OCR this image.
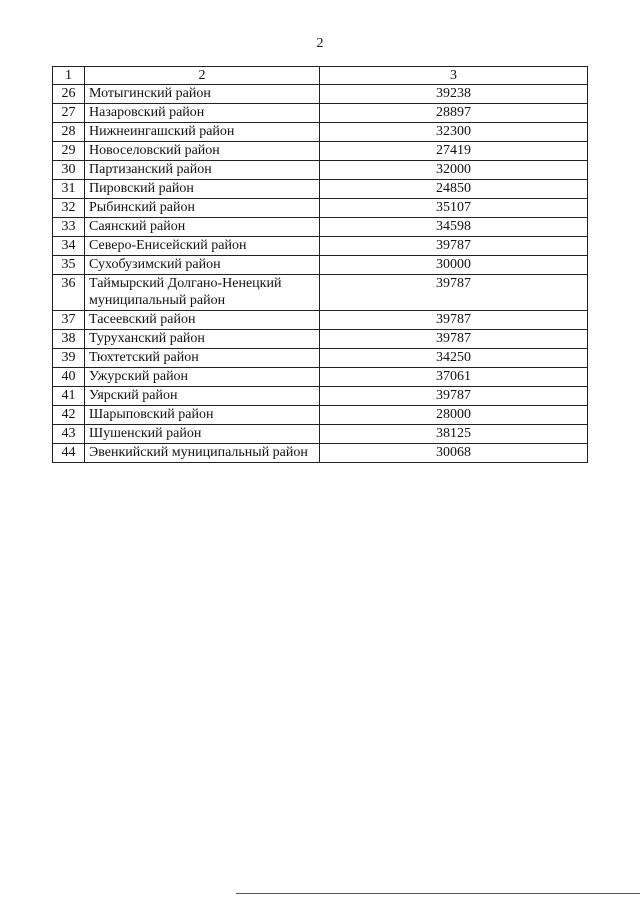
2
1	2	3
26	Мотыгинский район	39238
27	Назаровский район	28897
28	Нижнеингашский район	32300
29	Новоселовский район	27419
30	Партизанский район	32000
31	Пировский район	24850
32	Рыбинский район	35107
33	Саянский район	34598
34	Северо-Енисейский район	39787
35	Сухобузимский район	30000
36	Таймырский Долгано-Ненецкий муниципальный район	39787
37	Тасеевский район	39787
38	Туруханский район	39787
39	Тюхтетский район	34250
40	Ужурский район	37061
41	Уярский район	39787
42	Шарыповский район	28000
43	Шушенский район	38125
44	Эвенкийский муниципальный район	30068
